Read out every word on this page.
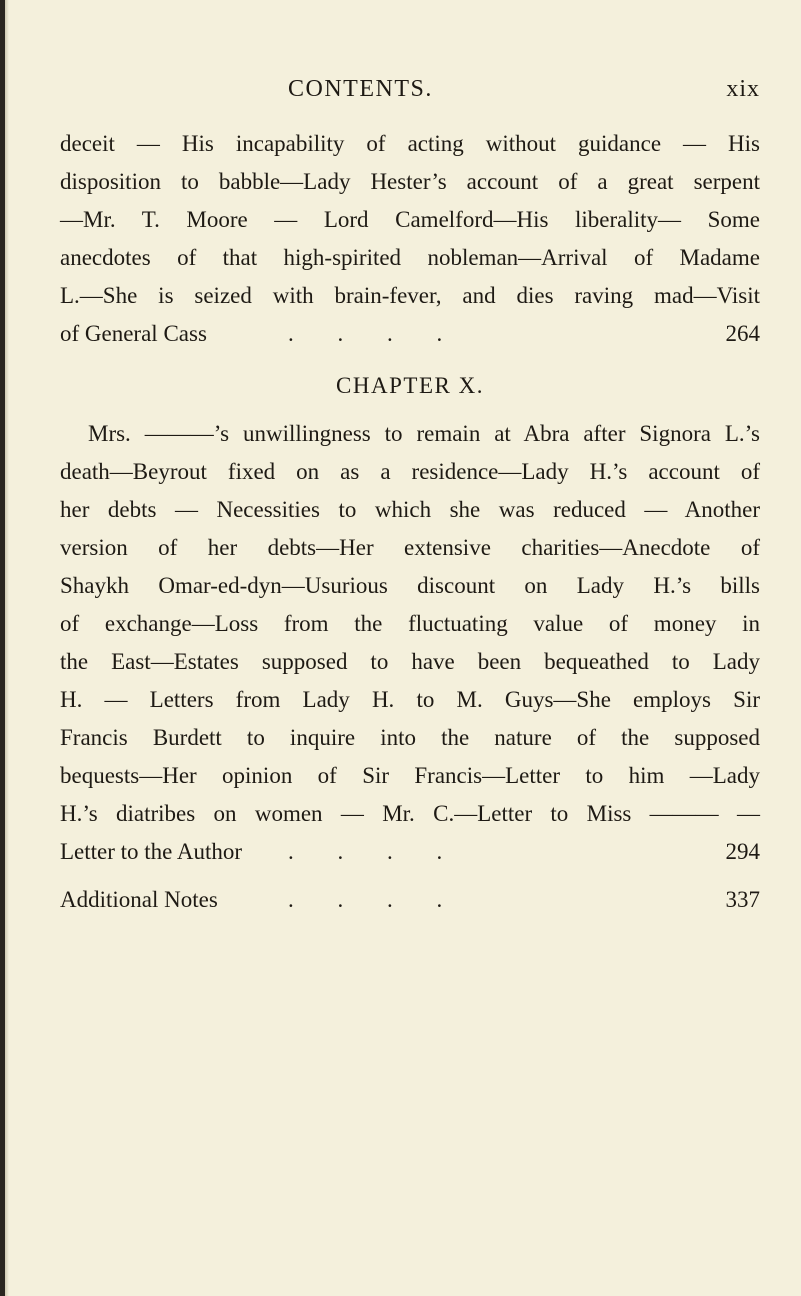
CONTENTS.	xix
deceit — His incapability of acting without guidance — His
disposition to babble—Lady Hester’s account of a great serpent
—Mr. T. Moore — Lord Camelford—His liberality— Some
anecdotes of that high-spirited nobleman—Arrival of Madame
L.—She is seized with brain-fever, and dies raving mad—Visit
of General Cass	. . . .	264
CHAPTER X.
Mrs. ———’s unwillingness to remain at Abra after Signora L.’s
death—Beyrout fixed on as a residence—Lady H.’s account of
her debts — Necessities to which she was reduced — Another
version of her debts—Her extensive charities—Anecdote of
Shaykh Omar-ed-dyn—Usurious discount on Lady H.’s bills
of exchange—Loss from the fluctuating value of money in
the East—Estates supposed to have been bequeathed to Lady
H. — Letters from Lady H. to M. Guys—She employs Sir
Francis Burdett to inquire into the nature of the supposed
bequests—Her opinion of Sir Francis—Letter to him —Lady
H.’s diatribes on women — Mr. C.—Letter to Miss ——— —
Letter to the Author . . . .	294
Additional Notes	. . . .	337
